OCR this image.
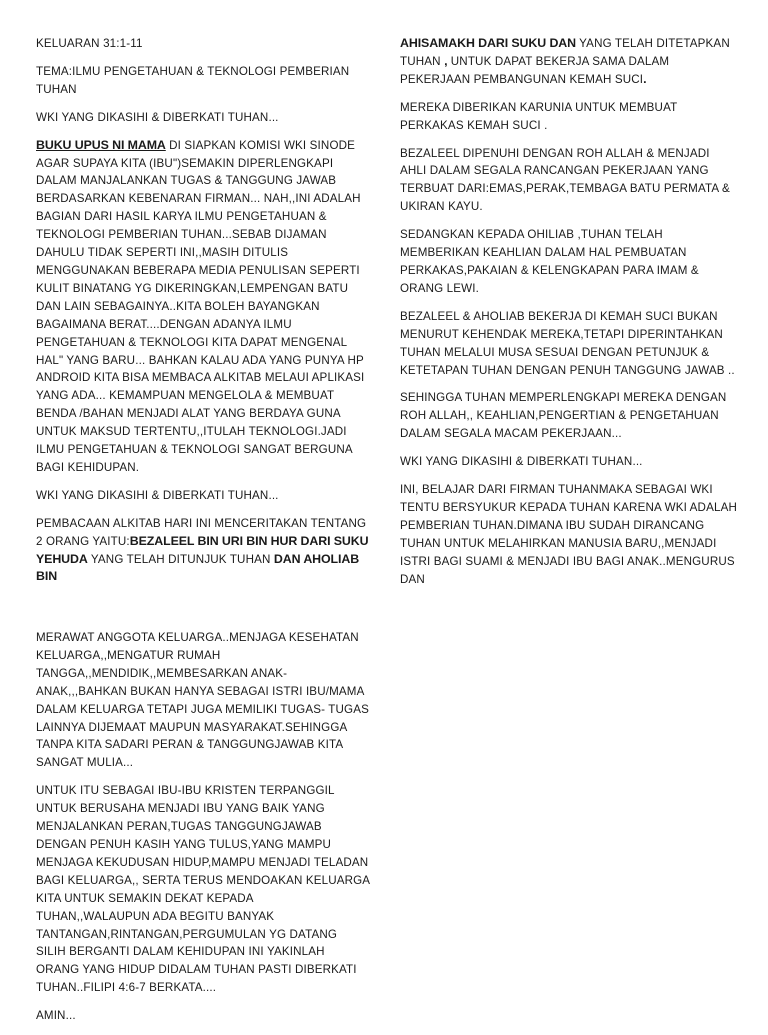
KELUARAN 31:1-11

TEMA:ILMU PENGETAHUAN & TEKNOLOGI PEMBERIAN TUHAN

WKI YANG DIKASIHI & DIBERKATI TUHAN...

BUKU UPUS NI MAMA DI SIAPKAN KOMISI WKI SINODE AGAR SUPAYA KITA (IBU")SEMAKIN DIPERLENGKAPI DALAM MANJALANKAN TUGAS & TANGGUNG JAWAB BERDASARKAN KEBENARAN FIRMAN... NAH,,INI ADALAH BAGIAN DARI HASIL KARYA ILMU PENGETAHUAN & TEKNOLOGI PEMBERIAN TUHAN...SEBAB DIJAMAN DAHULU TIDAK SEPERTI INI,,MASIH DITULIS MENGGUNAKAN BEBERAPA MEDIA PENULISAN SEPERTI KULIT BINATANG YG DIKERINGKAN,LEMPENGAN BATU DAN LAIN SEBAGAINYA..KITA BOLEH BAYANGKAN BAGAIMANA BERAT....DENGAN ADANYA ILMU PENGETAHUAN & TEKNOLOGI KITA DAPAT MENGENAL HAL" YANG BARU... BAHKAN KALAU ADA YANG PUNYA HP ANDROID KITA BISA MEMBACA ALKITAB MELAUI APLIKASI YANG ADA... KEMAMPUAN MENGELOLA & MEMBUAT BENDA /BAHAN MENJADI ALAT YANG BERDAYA GUNA UNTUK MAKSUD TERTENTU,,ITULAH TEKNOLOGI.JADI ILMU PENGETAHUAN & TEKNOLOGI SANGAT BERGUNA BAGI KEHIDUPAN.

WKI YANG DIKASIHI & DIBERKATI TUHAN...

PEMBACAAN ALKITAB HARI INI MENCERITAKAN TENTANG 2 ORANG YAITU:BEZALEEL BIN URI BIN HUR DARI SUKU YEHUDA YANG TELAH DITUNJUK TUHAN DAN AHOLIAB BIN

AHISAMAKH DARI SUKU DAN YANG TELAH DITETAPKAN TUHAN , UNTUK DAPAT BEKERJA SAMA DALAM PEKERJAAN PEMBANGUNAN KEMAH SUCI.

MEREKA DIBERIKAN KARUNIA UNTUK MEMBUAT PERKAKAS KEMAH SUCI .

BEZALEEL DIPENUHI DENGAN ROH ALLAH & MENJADI AHLI DALAM SEGALA RANCANGAN PEKERJAAN YANG TERBUAT DARI:EMAS,PERAK,TEMBAGA BATU PERMATA & UKIRAN KAYU.

SEDANGKAN KEPADA OHILIAB ,TUHAN TELAH MEMBERIKAN KEAHLIAN DALAM HAL PEMBUATAN PERKAKAS,PAKAIAN & KELENGKAPAN PARA IMAM & ORANG LEWI.

BEZALEEL & AHOLIAB BEKERJA DI KEMAH SUCI BUKAN MENURUT KEHENDAK MEREKA,TETAPI DIPERINTAHKAN TUHAN MELALUI MUSA SESUAI DENGAN PETUNJUK & KETETAPAN TUHAN DENGAN PENUH TANGGUNG JAWAB ..

SEHINGGA TUHAN MEMPERLENGKAPI MEREKA DENGAN ROH ALLAH,, KEAHLIAN,PENGERTIAN & PENGETAHUAN DALAM SEGALA MACAM PEKERJAAN...

WKI YANG DIKASIHI & DIBERKATI TUHAN...

INI, BELAJAR DARI FIRMAN TUHANMAKA SEBAGAI WKI TENTU BERSYUKUR KEPADA TUHAN KARENA WKI ADALAH PEMBERIAN TUHAN.DIMANA IBU SUDAH DIRANCANG TUHAN UNTUK MELAHIRKAN MANUSIA BARU,,MENJADI ISTRI BAGI SUAMI & MENJADI IBU BAGI ANAK..MENGURUS DAN

MERAWAT ANGGOTA KELUARGA..MENJAGA KESEHATAN KELUARGA,,MENGATUR RUMAH TANGGA,,MENDIDIK,,MEMBESARKAN ANAK-ANAK,,,BAHKAN BUKAN HANYA SEBAGAI ISTRI IBU/MAMA DALAM KELUARGA TETAPI JUGA MEMILIKI TUGAS- TUGAS LAINNYA DIJEMAAT MAUPUN MASYARAKAT.SEHINGGA TANPA KITA SADARI PERAN & TANGGUNGJAWAB KITA SANGAT MULIA...

UNTUK ITU SEBAGAI IBU-IBU KRISTEN TERPANGGIL UNTUK BERUSAHA MENJADI IBU YANG BAIK YANG MENJALANKAN PERAN,TUGAS TANGGUNGJAWAB DENGAN PENUH KASIH YANG TULUS,YANG MAMPU MENJAGA KEKUDUSAN HIDUP,MAMPU MENJADI TELADAN BAGI KELUARGA,, SERTA TERUS MENDOAKAN KELUARGA KITA UNTUK SEMAKIN DEKAT KEPADA TUHAN,,WALAUPUN ADA BEGITU BANYAK TANTANGAN,RINTANGAN,PERGUMULAN YG DATANG SILIH BERGANTI DALAM KEHIDUPAN INI YAKINLAH ORANG YANG HIDUP DIDALAM TUHAN PASTI DIBERKATI TUHAN..FILIPI 4:6-7 BERKATA....

AMIN...
